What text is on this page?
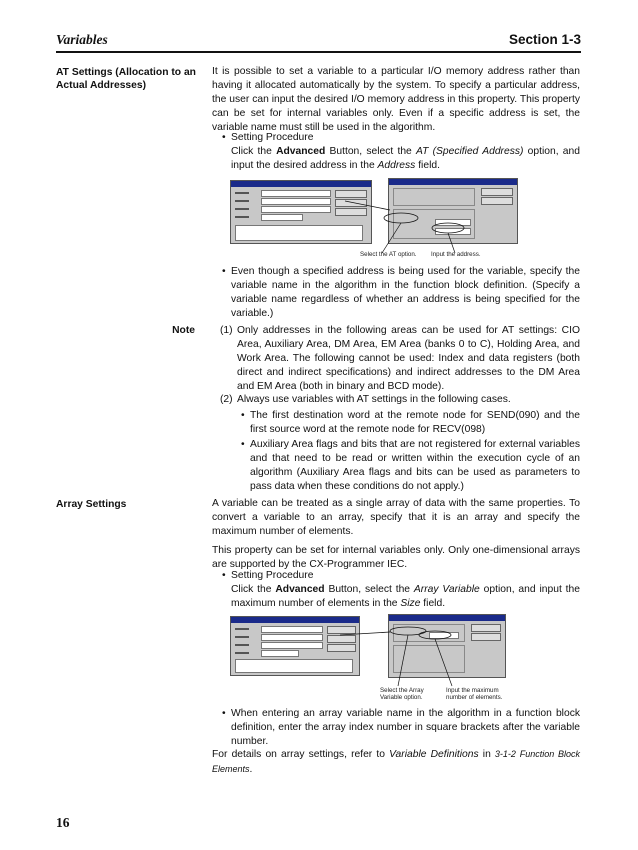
Variables	Section 1-3
AT Settings (Allocation to an Actual Addresses)

It is possible to set a variable to a particular I/O memory address rather than having it allocated automatically by the system. To specify a particular address, the user can input the desired I/O memory address in this property. This property can be set for internal variables only. Even if a specific address is set, the variable name must still be used in the algorithm.

• Setting Procedure
Click the Advanced Button, select the AT (Specified Address) option, and input the desired address in the Address field.
Select the AT option. Input the address.
• Even though a specified address is being used for the variable, specify the variable name in the algorithm in the function block definition. (Specify a variable name regardless of whether an address is being specified for the variable.)
Note (1) Only addresses in the following areas can be used for AT settings: CIO Area, Auxiliary Area, DM Area, EM Area (banks 0 to C), Holding Area, and Work Area. The following cannot be used: Index and data registers (both direct and indirect specifications) and indirect addresses to the DM Area and EM Area (both in binary and BCD mode).
(2) Always use variables with AT settings in the following cases.
• The first destination word at the remote node for SEND(090) and the first source word at the remote node for RECV(098)
• Auxiliary Area flags and bits that are not registered for external variables and that need to be read or written within the execution cycle of an algorithm (Auxiliary Area flags and bits can be used as parameters to pass data when these conditions do not apply.)
Array Settings	A variable can be treated as a single array of data with the same properties. To convert a variable to an array, specify that it is an array and specify the maximum number of elements.

This property can be set for internal variables only. Only one-dimensional arrays are supported by the CX-Programmer IEC.

• Setting Procedure
Click the Advanced Button, select the Array Variable option, and input the maximum number of elements in the Size field.
Select the Array Variable option.
Input the maximum number of elements.
• When entering an array variable name in the algorithm in a function block definition, enter the array index number in square brackets after the variable number.

For details on array settings, refer to Variable Definitions in 3-1-2 Function Block Elements.

16
